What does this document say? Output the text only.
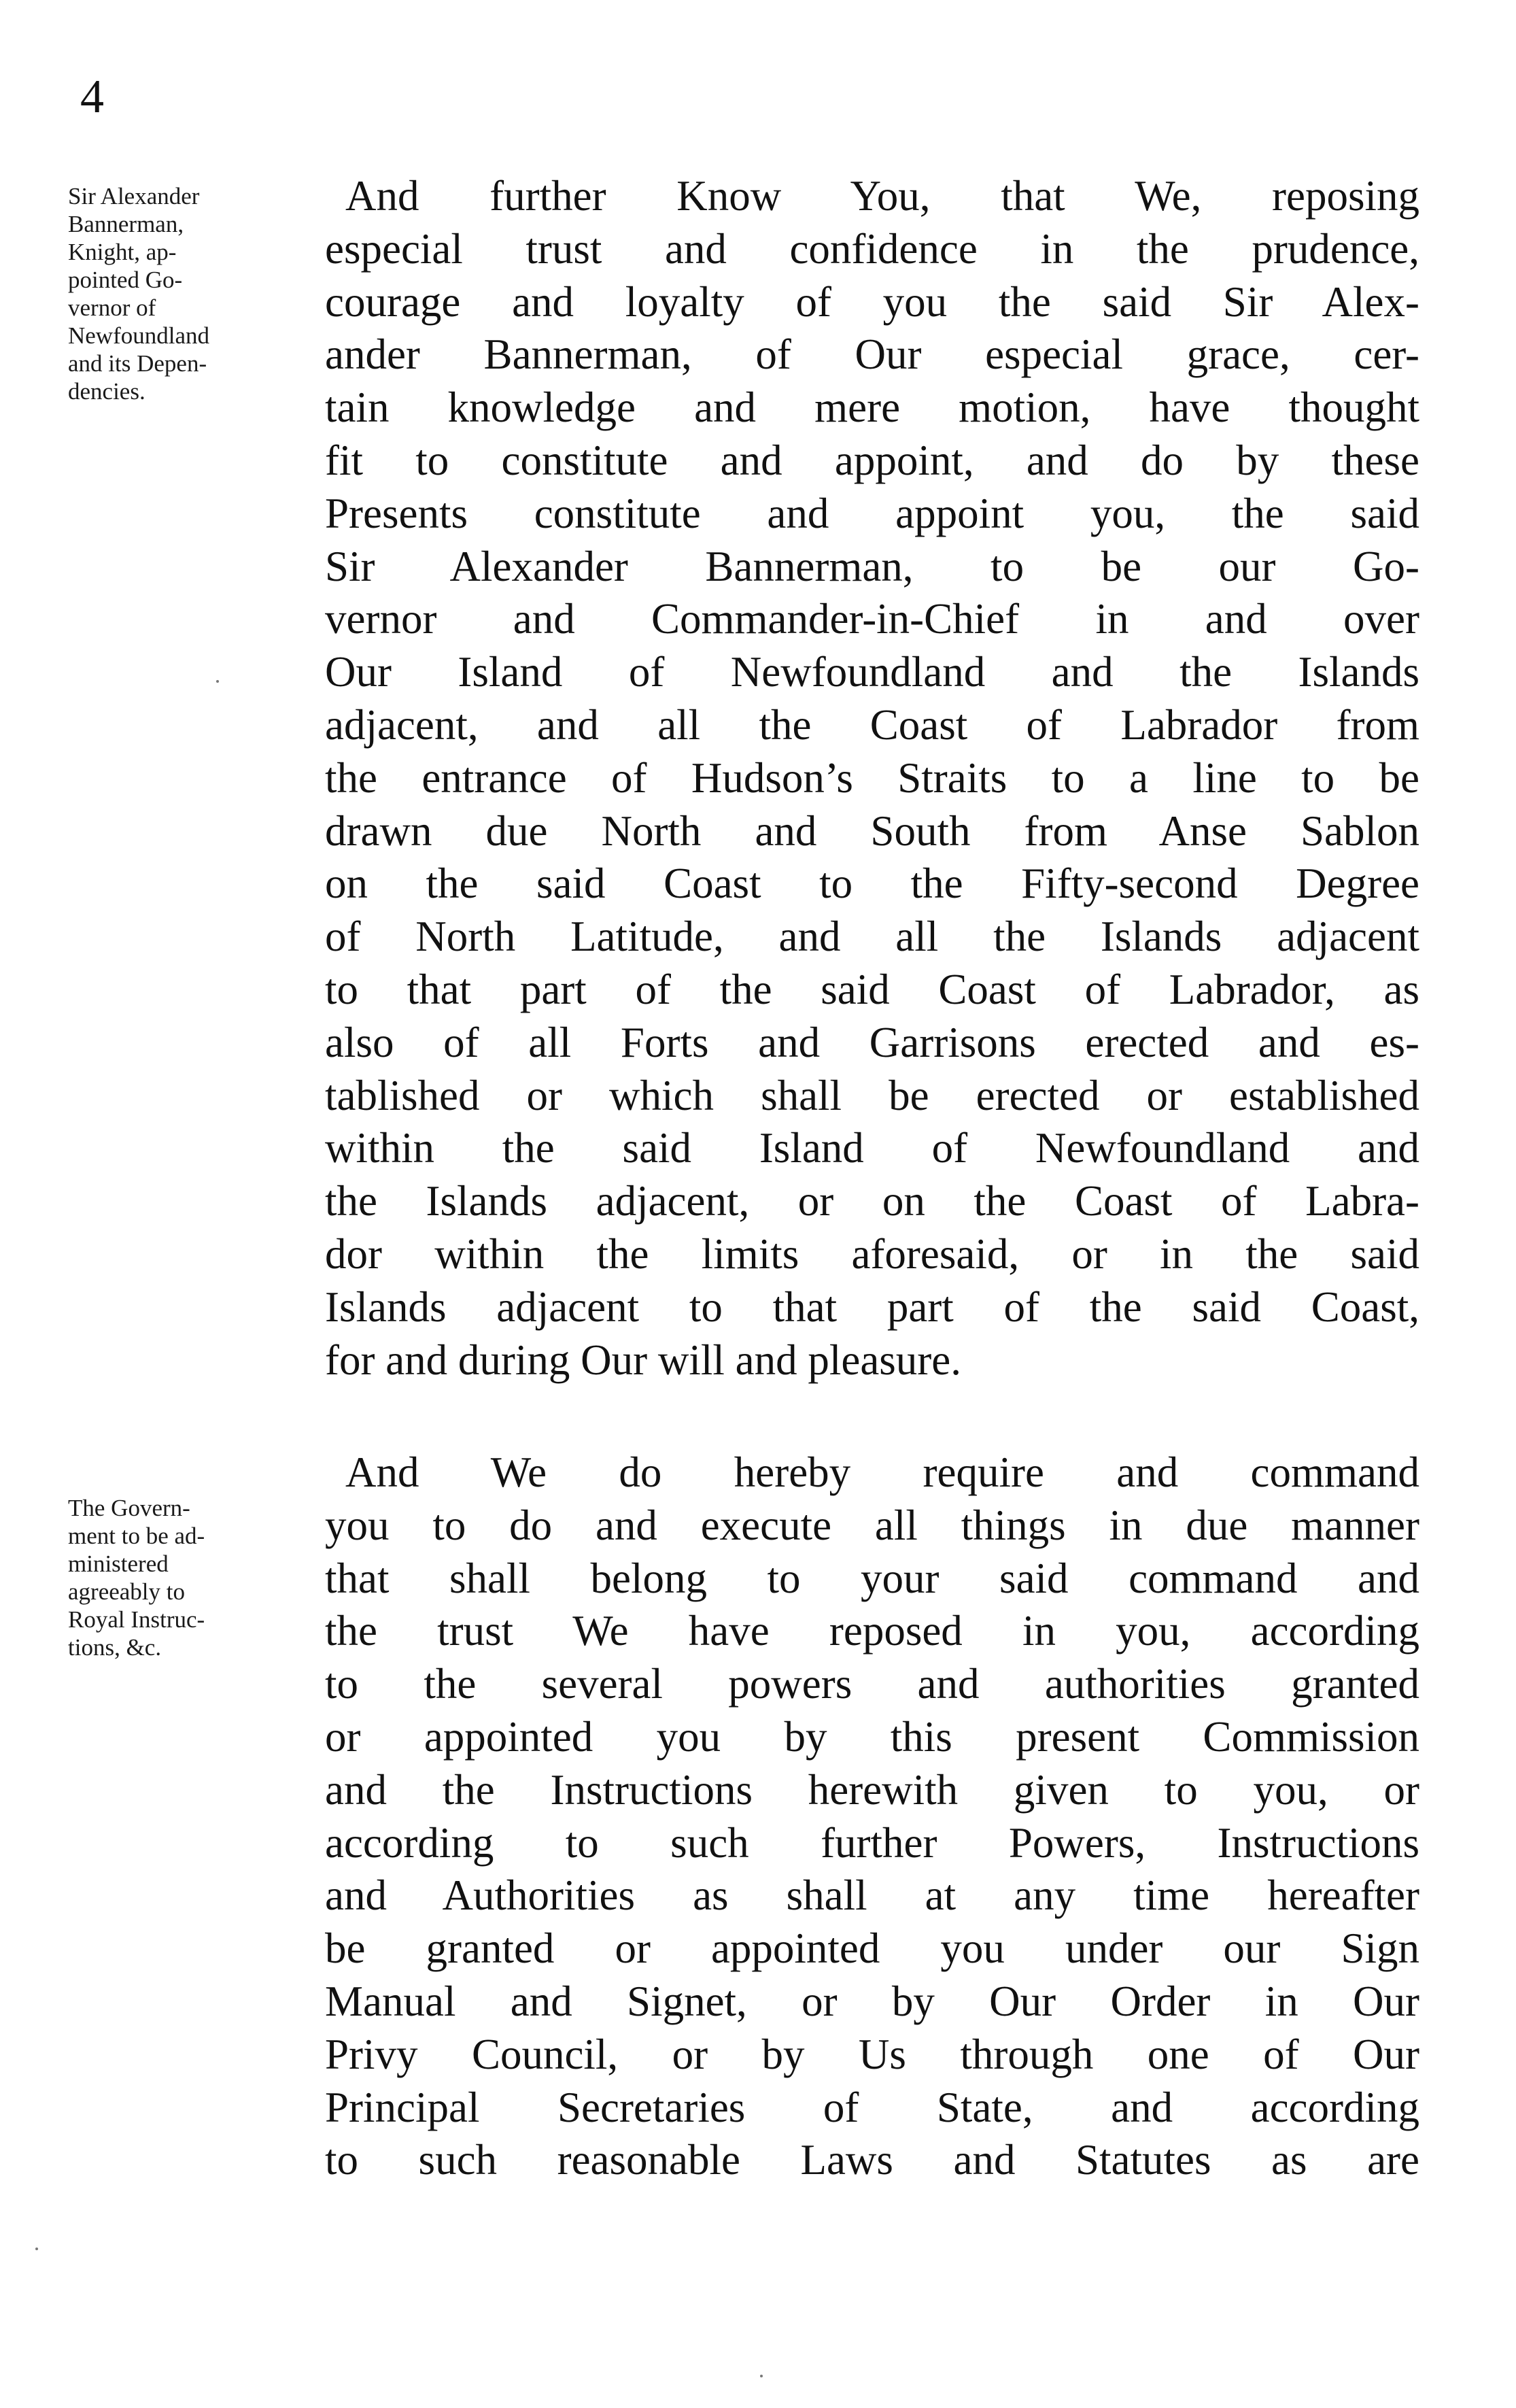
4
Sir Alexander
Bannerman,
Knight, ap-
pointed Go-
vernor of
Newfoundland
and its Depen-
dencies.
And further Know You, that We, reposing
especial trust and confidence in the prudence,
courage and loyalty of you the said Sir Alex-
ander Bannerman, of Our especial grace, cer-
tain knowledge and mere motion, have thought
fit to constitute and appoint, and do by these
Presents constitute and appoint you, the said
Sir Alexander Bannerman, to be our Go-
vernor and Commander-in-Chief in and over
Our Island of Newfoundland and the Islands
adjacent, and all the Coast of Labrador from
the entrance of Hudson’s Straits to a line to be
drawn due North and South from Anse Sablon
on the said Coast to the Fifty-second Degree
of North Latitude, and all the Islands adjacent
to that part of the said Coast of Labrador, as
also of all Forts and Garrisons erected and es-
tablished or which shall be erected or established
within the said Island of Newfoundland and
the Islands adjacent, or on the Coast of Labra-
dor within the limits aforesaid, or in the said
Islands adjacent to that part of the said Coast,
for and during Our will and pleasure.
The Govern-
ment to be ad-
ministered
agreeably to
Royal Instruc-
tions, &c.
And We do hereby require and command
you to do and execute all things in due manner
that shall belong to your said command and
the trust We have reposed in you, according
to the several powers and authorities granted
or appointed you by this present Commission
and the Instructions herewith given to you, or
according to such further Powers, Instructions
and Authorities as shall at any time hereafter
be granted or appointed you under our Sign
Manual and Signet, or by Our Order in Our
Privy Council, or by Us through one of Our
Principal Secretaries of State, and according
to such reasonable Laws and Statutes as are
